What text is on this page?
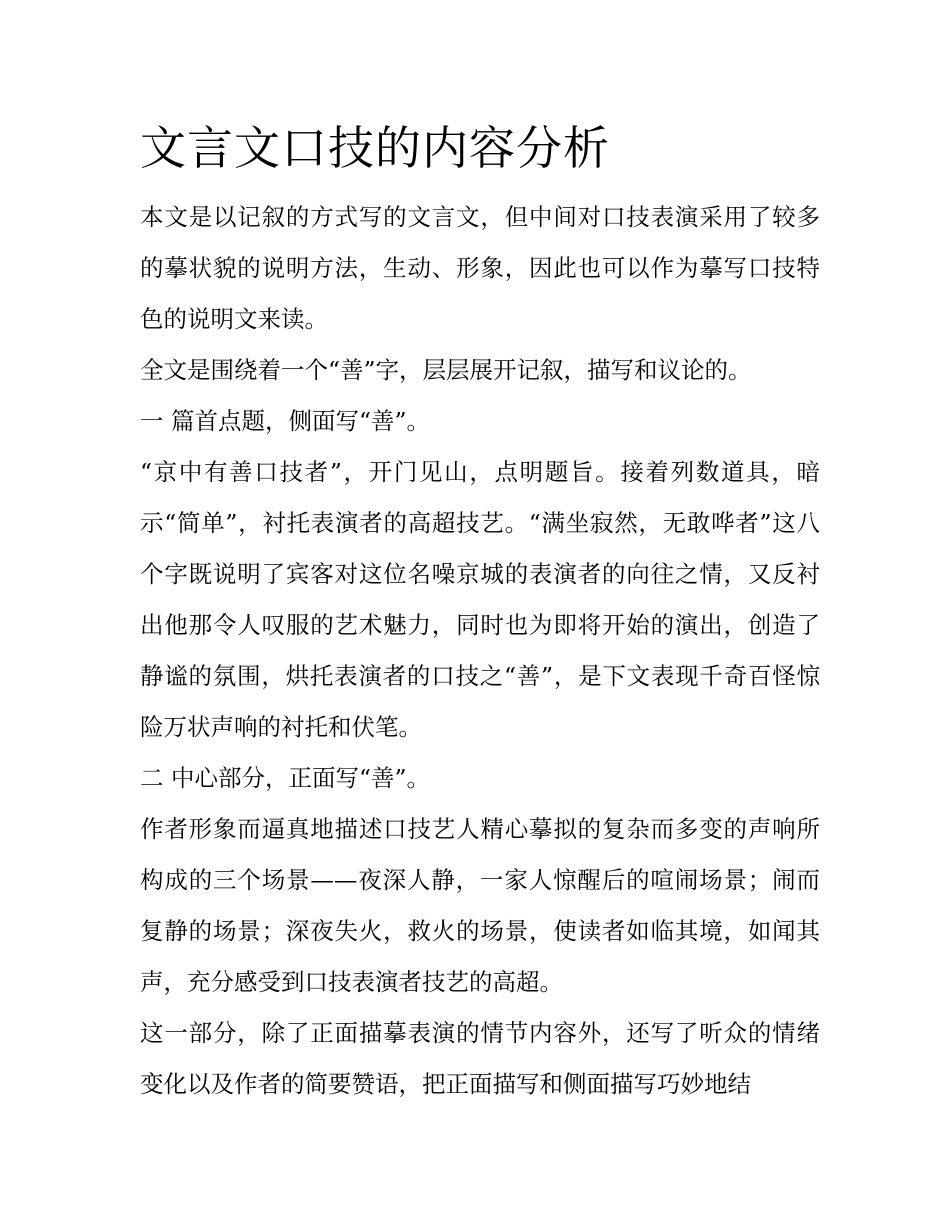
文言文口技的内容分析

本文是以记叙的方式写的文言文，但中间对口技表演采用了较多的摹状貌的说明方法，生动、形象，因此也可以作为摹写口技特色的说明文来读。

全文是围绕着一个“善”字，层层展开记叙，描写和议论的。

一 篇首点题，侧面写“善”。

“京中有善口技者”，开门见山，点明题旨。接着列数道具，暗示“简单”，衬托表演者的高超技艺。“满坐寂然，无敢哗者”这八个字既说明了宾客对这位名噪京城的表演者的向往之情，又反衬出他那令人叹服的艺术魅力，同时也为即将开始的演出，创造了静谧的氛围，烘托表演者的口技之“善”，是下文表现千奇百怪惊险万状声响的衬托和伏笔。

二 中心部分，正面写“善”。

作者形象而逼真地描述口技艺人精心摹拟的复杂而多变的声响所构成的三个场景——夜深人静，一家人惊醒后的喧闹场景；闹而复静的场景；深夜失火，救火的场景，使读者如临其境，如闻其声，充分感受到口技表演者技艺的高超。

这一部分，除了正面描摹表演的情节内容外，还写了听众的情绪变化以及作者的简要赞语，把正面描写和侧面描写巧妙地结
